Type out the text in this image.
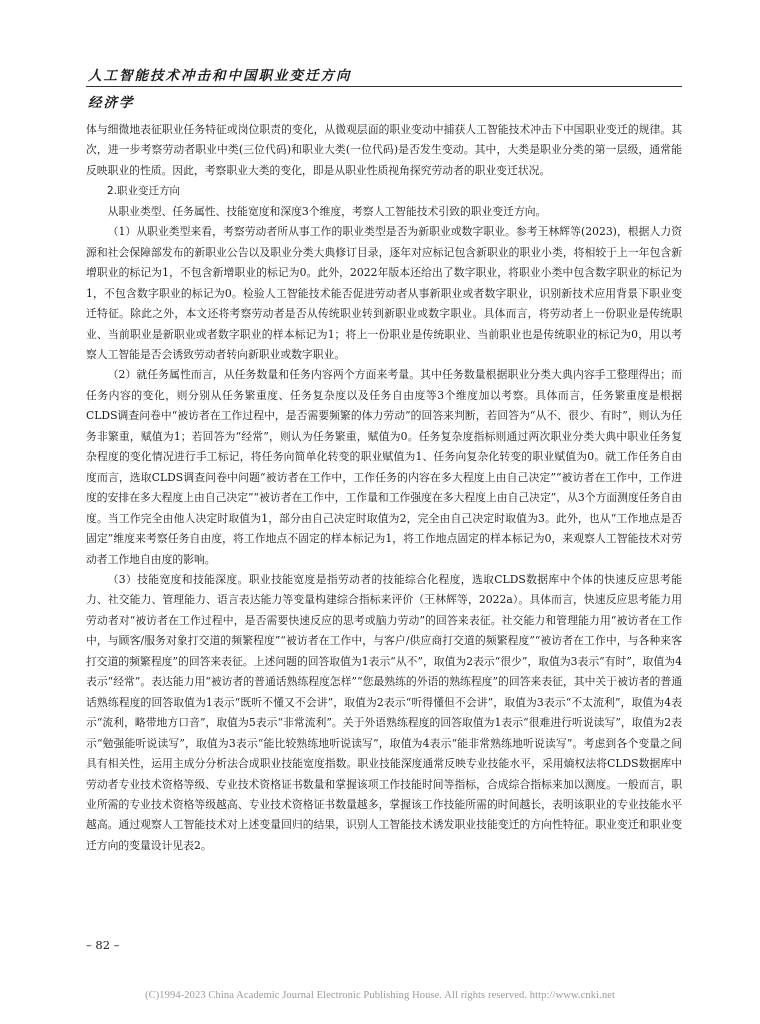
人工智能技术冲击和中国职业变迁方向
经济学

体与细微地表征职业任务特征或岗位职责的变化，从微观层面的职业变动中捕获人工智能技术冲击下中国职业变迁的规律。其次，进一步考察劳动者职业中类(三位代码)和职业大类(一位代码)是否发生变动。其中，大类是职业分类的第一层级，通常能反映职业的性质。因此，考察职业大类的变化，即是从职业性质视角探究劳动者的职业变迁状况。

2.职业变迁方向

从职业类型、任务属性、技能宽度和深度3个维度，考察人工智能技术引致的职业变迁方向。

（1）从职业类型来看，考察劳动者所从事工作的职业类型是否为新职业或数字职业。参考王林辉等(2023)，根据人力资源和社会保障部发布的新职业公告以及职业分类大典修订目录，逐年对应标记包含新职业的职业小类，将相较于上一年包含新增职业的标记为1，不包含新增职业的标记为0。此外，2022年版本还给出了数字职业，将职业小类中包含数字职业的标记为1，不包含数字职业的标记为0。检验人工智能技术能否促进劳动者从事新职业或者数字职业，识别新技术应用背景下职业变迁特征。除此之外，本文还将考察劳动者是否从传统职业转到新职业或数字职业。具体而言，将劳动者上一份职业是传统职业、当前职业是新职业或者数字职业的样本标记为1；将上一份职业是传统职业、当前职业也是传统职业的标记为0，用以考察人工智能是否会诱致劳动者转向新职业或数字职业。

（2）就任务属性而言，从任务数量和任务内容两个方面来考量。其中任务数量根据职业分类大典内容手工整理得出；而任务内容的变化，则分别从任务繁重度、任务复杂度以及任务自由度等3个维度加以考察。具体而言，任务繁重度是根据CLDS调查问卷中“被访者在工作过程中，是否需要频繁的体力劳动”的回答来判断，若回答为“从不、很少、有时”，则认为任务非繁重，赋值为1；若回答为“经常”，则认为任务繁重，赋值为0。任务复杂度指标则通过两次职业分类大典中职业任务复杂程度的变化情况进行手工标记，将任务向简单化转变的职业赋值为1、任务向复杂化转变的职业赋值为0。就工作任务自由度而言，选取CLDS调查问卷中问题“被访者在工作中，工作任务的内容在多大程度上由自己决定”“被访者在工作中，工作进度的安排在多大程度上由自己决定”“被访者在工作中，工作量和工作强度在多大程度上由自己决定”，从3个方面测度任务自由度。当工作完全由他人决定时取值为1，部分由自己决定时取值为2，完全由自己决定时取值为3。此外，也从“工作地点是否固定”维度来考察任务自由度，将工作地点不固定的样本标记为1，将工作地点固定的样本标记为0，来观察人工智能技术对劳动者工作地自由度的影响。

（3）技能宽度和技能深度。职业技能宽度是指劳动者的技能综合化程度，选取CLDS数据库中个体的快速反应思考能力、社交能力、管理能力、语言表达能力等变量构建综合指标来评价（王林辉等，2022a）。具体而言，快速反应思考能力用劳动者对“被访者在工作过程中，是否需要快速反应的思考或脑力劳动”的回答来表征。社交能力和管理能力用“被访者在工作中，与顾客/服务对象打交道的频繁程度”“被访者在工作中，与客户/供应商打交道的频繁程度”“被访者在工作中，与各种来客打交道的频繁程度”的回答来表征。上述问题的回答取值为1表示“从不”，取值为2表示“很少”，取值为3表示“有时”，取值为4表示“经常”。表达能力用“被访者的普通话熟练程度怎样”“您最熟练的外语的熟练程度”的回答来表征，其中关于被访者的普通话熟练程度的回答取值为1表示“既听不懂又不会讲”，取值为2表示“听得懂但不会讲”，取值为3表示“不太流利”，取值为4表示“流利，略带地方口音”，取值为5表示“非常流利”。关于外语熟练程度的回答取值为1表示“很难进行听说读写”，取值为2表示“勉强能听说读写”，取值为3表示“能比较熟练地听说读写”，取值为4表示“能非常熟练地听说读写”。考虑到各个变量之间具有相关性，运用主成分分析法合成职业技能宽度指数。职业技能深度通常反映专业技能水平，采用熵权法将CLDS数据库中劳动者专业技术资格等级、专业技术资格证书数量和掌握该项工作技能时间等指标，合成综合指标来加以测度。一般而言，职业所需的专业技术资格等级越高、专业技术资格证书数量越多，掌握该工作技能所需的时间越长，表明该职业的专业技能水平越高。通过观察人工智能技术对上述变量回归的结果，识别人工智能技术诱发职业技能变迁的方向性特征。职业变迁和职业变迁方向的变量设计见表2。

– 82 –
(C)1994-2023 China Academic Journal Electronic Publishing House. All rights reserved. http://www.cnki.net
